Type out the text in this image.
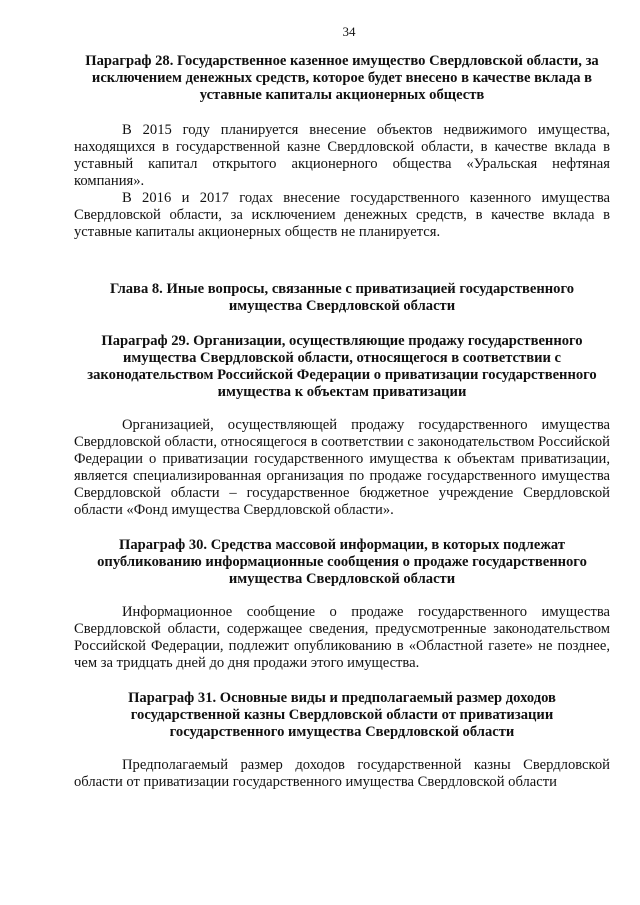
34

Параграф 28. Государственное казенное имущество Свердловской области, за исключением денежных средств, которое будет внесено в качестве вклада в уставные капиталы акционерных обществ

В 2015 году планируется внесение объектов недвижимого имущества, находящихся в государственной казне Свердловской области, в качестве вклада в уставный капитал открытого акционерного общества «Уральская нефтяная компания».

В 2016 и 2017 годах внесение государственного казенного имущества Свердловской области, за исключением денежных средств, в качестве вклада в уставные капиталы акционерных обществ не планируется.

Глава 8. Иные вопросы, связанные с приватизацией государственного имущества Свердловской области

Параграф 29. Организации, осуществляющие продажу государственного имущества Свердловской области, относящегося в соответствии с законодательством Российской Федерации о приватизации государственного имущества к объектам приватизации

Организацией, осуществляющей продажу государственного имущества Свердловской области, относящегося в соответствии с законодательством Российской Федерации о приватизации государственного имущества к объектам приватизации, является специализированная организация по продаже государственного имущества Свердловской области – государственное бюджетное учреждение Свердловской области «Фонд имущества Свердловской области».

Параграф 30. Средства массовой информации, в которых подлежат опубликованию информационные сообщения о продаже государственного имущества Свердловской области

Информационное сообщение о продаже государственного имущества Свердловской области, содержащее сведения, предусмотренные законодательством Российской Федерации, подлежит опубликованию в «Областной газете» не позднее, чем за тридцать дней до дня продажи этого имущества.

Параграф 31. Основные виды и предполагаемый размер доходов государственной казны Свердловской области от приватизации государственного имущества Свердловской области

Предполагаемый размер доходов государственной казны Свердловской области от приватизации государственного имущества Свердловской области
